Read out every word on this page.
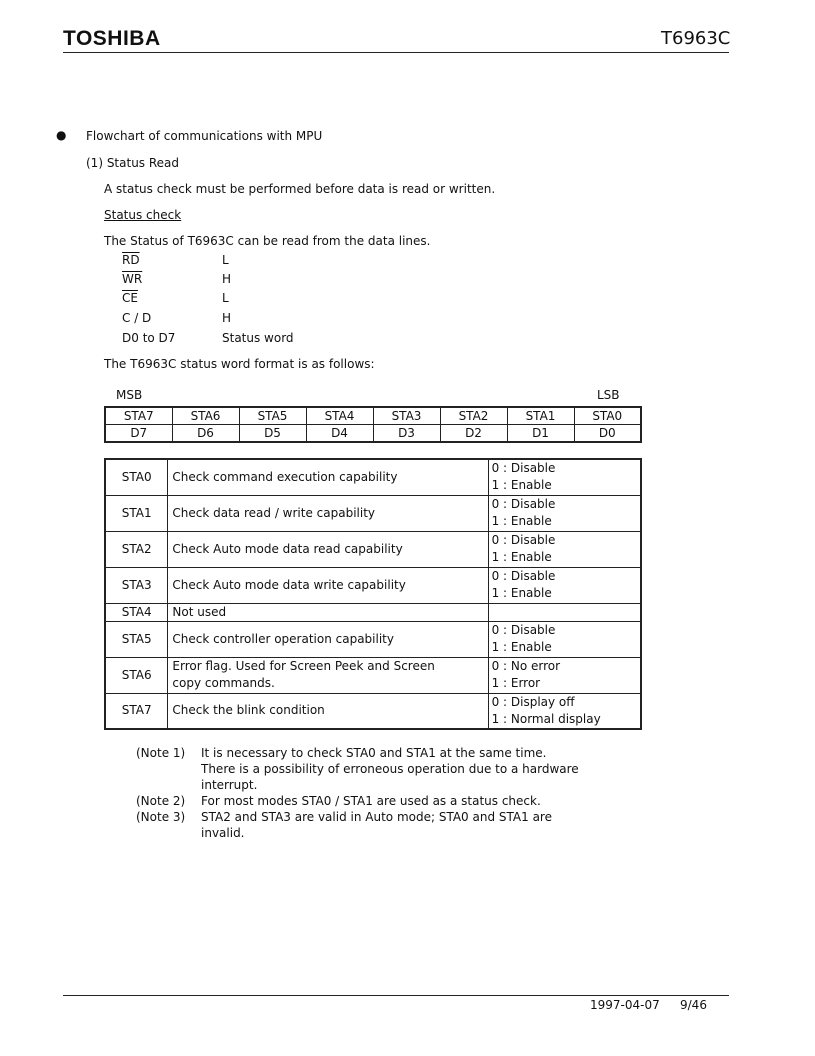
TOSHIBA	T6963C
● Flowchart of communications with MPU
(1) Status Read
A status check must be performed before data is read or written.
Status check
The Status of T6963C can be read from the data lines.
$\overline{RD}$	L
$\overline{WR}$	H
$\overline{CE}$	L
C / D	H
D0 to D7	Status word
The T6963C status word format is as follows:
MSB	LSB
STA7	STA6	STA5	STA4	STA3	STA2	STA1	STA0
D7	D6	D5	D4	D3	D2	D1	D0
STA0	Check command execution capability	0 : Disable
1 : Enable

STA1	Check data read / write capability	0 : Disable
1 : Enable

STA2	Check Auto mode data read capability	0 : Disable
1 : Enable

STA3	Check Auto mode data write capability	0 : Disable
1 : Enable

STA4	Not used	
STA5	Check controller operation capability	0 : Disable
1 : Enable

STA6	Error flag. Used for Screen Peek and Screen
copy commands.	0 : No error
1 : Error

STA7	Check the blink condition	0 : Display off
1 : Normal display
(Note 1) It is necessary to check STA0 and STA1 at the same time.
There is a possibility of erroneous operation due to a hardware
interrupt.
(Note 2) For most modes STA0 / STA1 are used as a status check.
(Note 3) STA2 and STA3 are valid in Auto mode; STA0 and STA1 are
invalid.
1997-04-07 9/46
